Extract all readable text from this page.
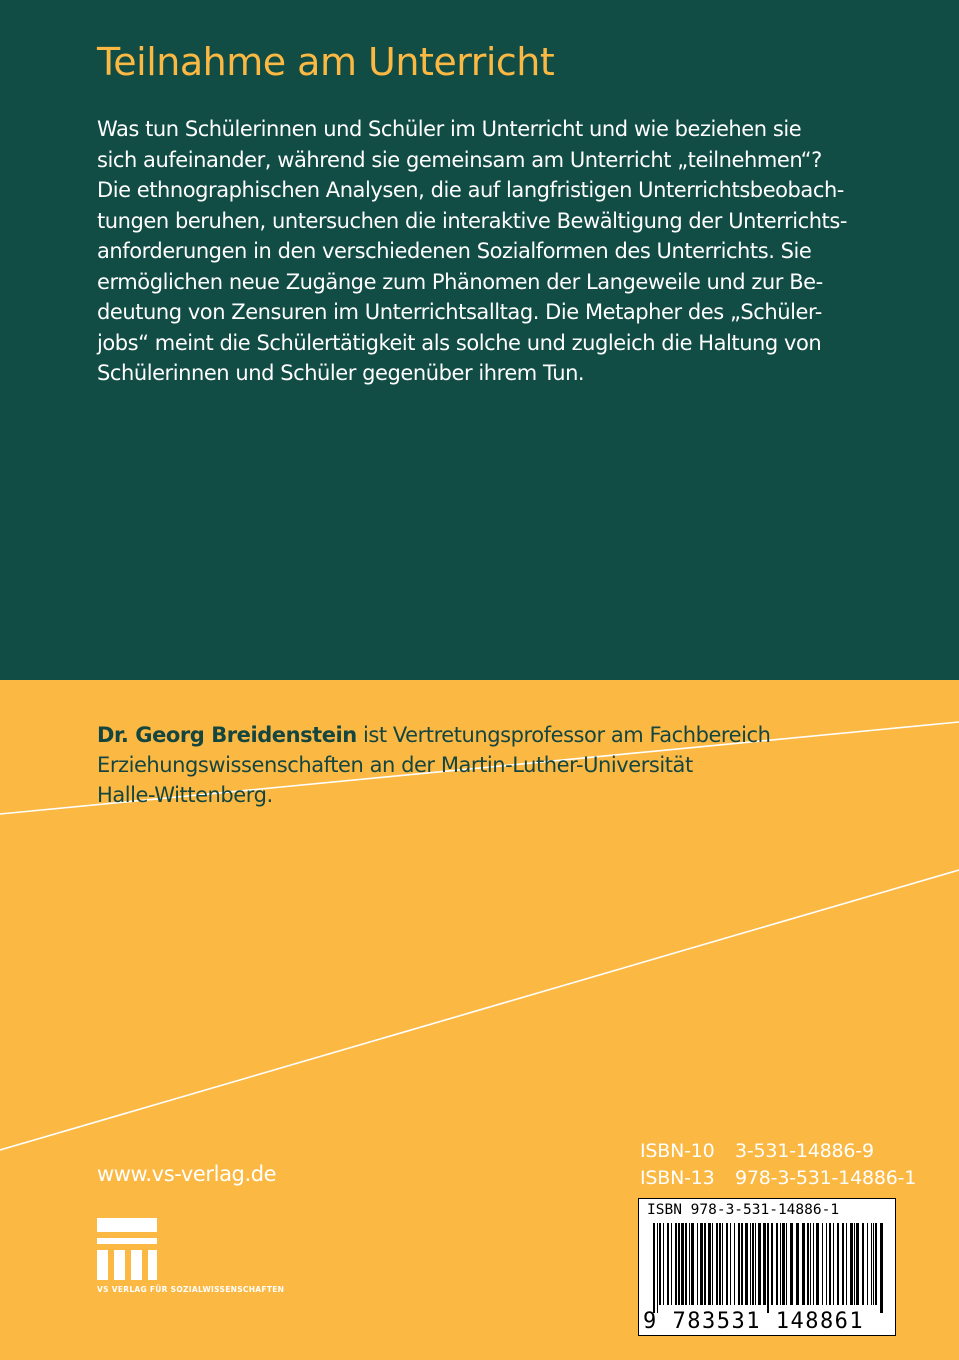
Teilnahme am Unterricht

Was tun Schülerinnen und Schüler im Unterricht und wie beziehen sie
sich aufeinander, während sie gemeinsam am Unterricht „teilnehmen“?
Die ethnographischen Analysen, die auf langfristigen Unterrichtsbeobach-
tungen beruhen, untersuchen die interaktive Bewältigung der Unterrichts-
anforderungen in den verschiedenen Sozialformen des Unterrichts. Sie
ermöglichen neue Zugänge zum Phänomen der Langeweile und zur Be-
deutung von Zensuren im Unterrichtsalltag. Die Metapher des „Schüler-
jobs“ meint die Schülertätigkeit als solche und zugleich die Haltung von
Schülerinnen und Schüler gegenüber ihrem Tun.

Dr. Georg Breidenstein ist Vertretungsprofessor am Fachbereich
Erziehungswissenschaften an der Martin-Luther-Universität
Halle-Wittenberg.

www.vs-verlag.de
ISBN-10 3-531-14886-9
ISBN-13 978-3-531-14886-1
VS VERLAG FÜR SOZIALWISSENSCHAFTEN
ISBN 978-3-531-14886-1
9 783531 148861
